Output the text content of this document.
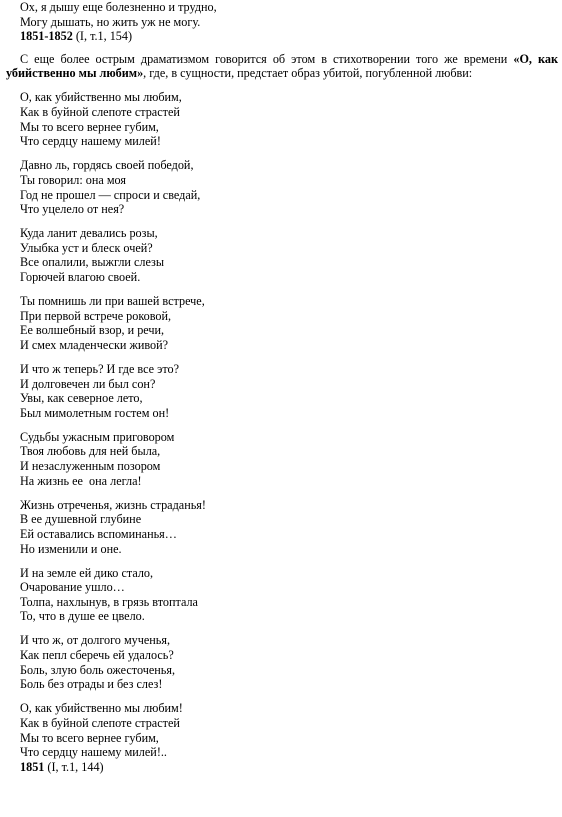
Ох, я дышу еще болезненно и трудно,
Могу дышать, но жить уж не могу.
1851-1852 (I, т.1, 154)

С еще более острым драматизмом говорится об этом в стихотворении того же времени «О, как убийственно мы любим», где, в сущности, предстает образ убитой, погубленной любви:

О, как убийственно мы любим,
Как в буйной слепоте страстей
Мы то всего вернее губим,
Что сердцу нашему милей!
Давно ль, гордясь своей победой,
Ты говорил: она моя
Год не прошел — спроси и сведай,
Что уцелело от нея?
Куда ланит девались розы,
Улыбка уст и блеск очей?
Все опалили, выжгли слезы
Горючей влагою своей.
Ты помнишь ли при вашей встрече,
При первой встрече роковой,
Ее волшебный взор, и речи,
И смех младенчески живой?
И что ж теперь? И где все это?
И долговечен ли был сон?
Увы, как северное лето,
Был мимолетным гостем он!
Судьбы ужасным приговором
Твоя любовь для ней была,
И незаслуженным позором
На жизнь ее  она легла!
Жизнь отреченья, жизнь страданья!
В ее душевной глубине
Ей оставались вспоминанья…
Но изменили и оне.
И на земле ей дико стало,
Очарование ушло…
Толпа, нахлынув, в грязь втоптала
То, что в душе ее цвело.
И что ж, от долгого мученья,
Как пепл сберечь ей удалось?
Боль, злую боль ожесточенья,
Боль без отрады и без слез!
О, как убийственно мы любим!
Как в буйной слепоте страстей
Мы то всего вернее губим,
Что сердцу нашему милей!..
1851 (I, т.1, 144)
